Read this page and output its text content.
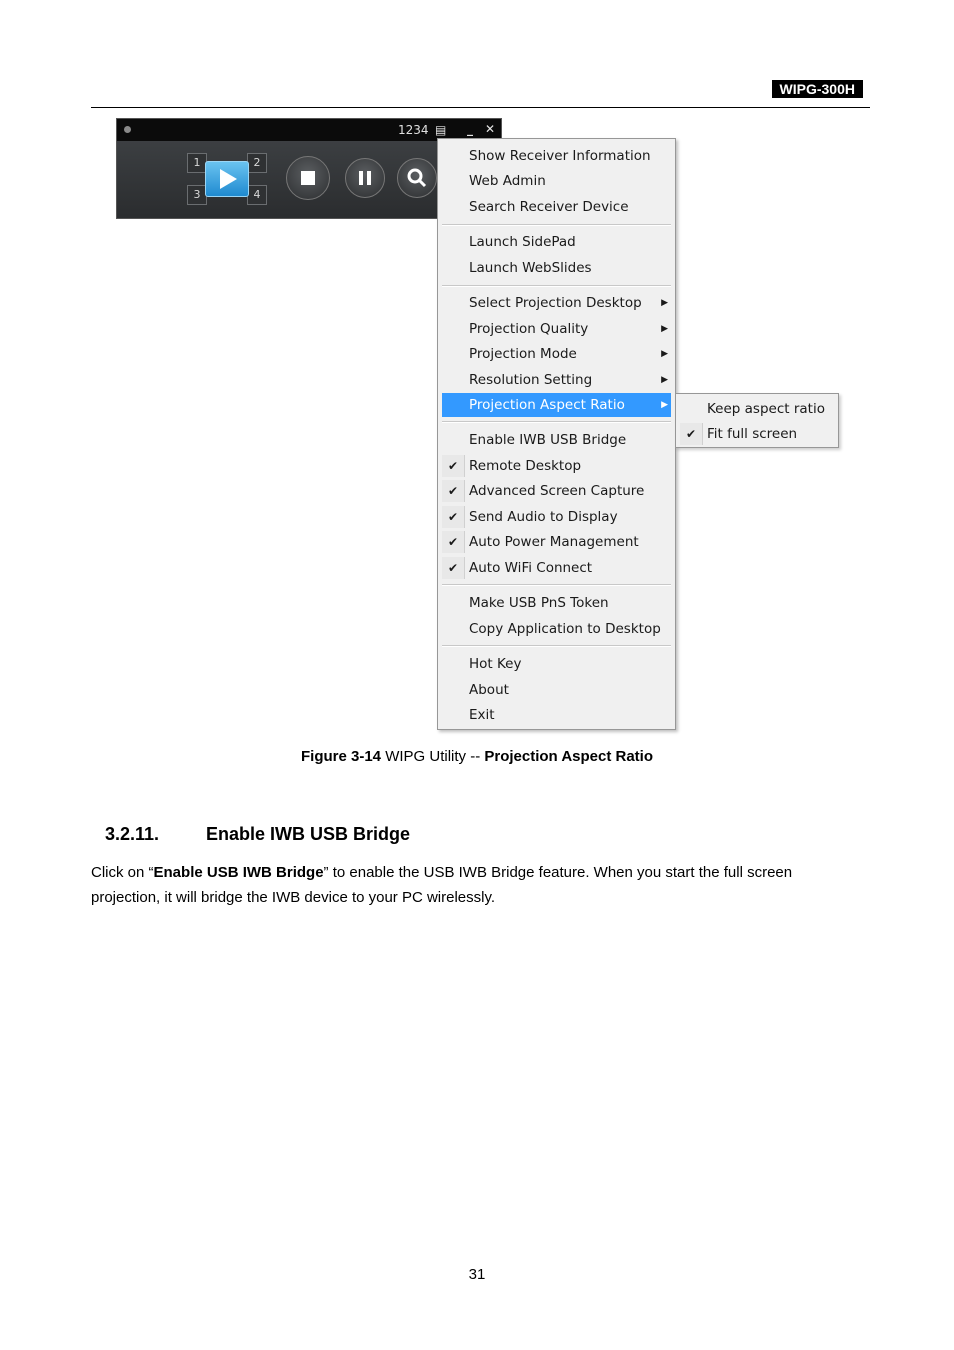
WIPG-300H
1234 ▤ _ ✕
1	2
3	4
Show Receiver Information
Web Admin
Search Receiver Device
Launch SidePad
Launch WebSlides
Select Projection Desktop ▶
Projection Quality	▶
Projection Mode	▶
Resolution Setting	▶
Projection Aspect Ratio	▶
Enable IWB USB Bridge
✔ Remote Desktop
✔ Advanced Screen Capture
✔ Send Audio to Display
✔ Auto Power Management
✔ Auto WiFi Connect
Make USB PnS Token
Copy Application to Desktop
Hot Key
About
Exit
Keep aspect ratio
✔ Fit full screen
Figure 3-14 WIPG Utility -- Projection Aspect Ratio
3.2.11.	Enable IWB USB Bridge
Click on “Enable USB IWB Bridge” to enable the USB IWB Bridge feature. When you start the full screen projection, it will bridge the IWB device to your PC wirelessly.
31
